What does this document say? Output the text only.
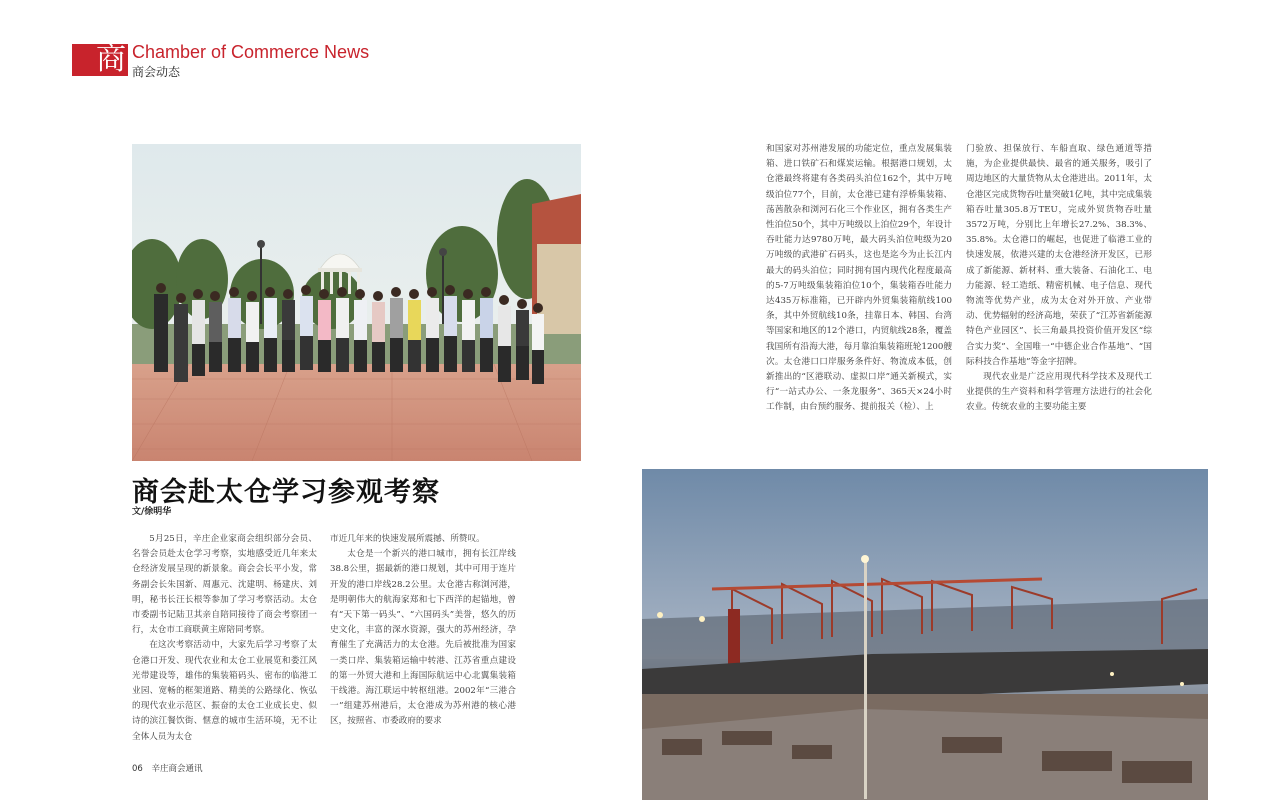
商 Chamber of Commerce News
商会动态
商会赴太仓学习参观考察
文/徐明华

5月25日，辛庄企业家商会组织部分会员、名誉会员赴太仓学习考察，实地感受近几年来太仓经济发展呈现的新景象。商会会长平小发，常务副会长朱国新、周惠元、沈建明、杨建庆、刘明，秘书长汪长根等参加了学习考察活动。太仓市委副书记陆卫其亲自陪同接待了商会考察团一行，太仓市工商联黄主席陪同考察。

在这次考察活动中，大家先后学习考察了太仓港口开发、现代农业和太仓工业展览和娄江风光带建设等，雄伟的集装箱码头、密布的临港工业园、宽畅的框架道路、精美的公路绿化、恢弘的现代农业示范区、振奋的太仓工业成长史、似诗的滨江餐饮街、惬意的城市生活环境，无不让全体人员为太仓

市近几年来的快速发展所震撼、所赞叹。

太仓是一个新兴的港口城市，拥有长江岸线38.8公里，据最新的港口规划，其中可用于连片开发的港口岸线28.2公里。太仓港古称浏河港，是明朝伟大的航海家郑和七下西洋的起锚地，曾有“天下第一码头”、“六国码头”美誉，悠久的历史文化，丰富的深水资源，强大的苏州经济，孕育催生了充满活力的太仓港。先后被批准为国家一类口岸、集装箱运输中转港、江苏省重点建设的第一外贸大港和上海国际航运中心北翼集装箱干线港。海江联运中转枢纽港。2002年“三港合一”组建苏州港后，太仓港成为苏州港的核心港区，按照省、市委政府的要求

和国家对苏州港发展的功能定位，重点发展集装箱、进口铁矿石和煤炭运输。根据港口规划，太仓港最终将建有各类码头泊位162个，其中万吨级泊位77个，目前，太仓港已建有浮桥集装箱、荡茜散杂和浏河石化三个作业区，拥有各类生产性泊位50个，其中万吨级以上泊位29个，年设计吞吐能力达9780万吨，最大码头泊位吨级为20万吨级的武港矿石码头，这也是迄今为止长江内最大的码头泊位；同时拥有国内现代化程度最高的5-7万吨级集装箱泊位10个，集装箱吞吐能力达435万标准箱，已开辟内外贸集装箱航线100条，其中外贸航线10条，挂靠日本、韩国、台湾等国家和地区的12个港口，内贸航线28条，覆盖我国所有沿海大港，每月靠泊集装箱班轮1200艘次。太仓港口口岸服务条件好、物流成本低，创新推出的“区港联动、虚拟口岸”通关新模式，实行“一站式办公、一条龙服务”、365天×24小时工作制，由台预约服务、提前报关（检）、上

门验放、担保放行、车船直取、绿色通道等措施，为企业提供最快、最省的通关服务，吸引了周边地区的大量货物从太仓港进出。2011年，太仓港区完成货物吞吐量突破1亿吨，其中完成集装箱吞吐量305.8万TEU，完成外贸货物吞吐量3572万吨，分别比上年增长27.2%、38.3%、35.8%。太仓港口的崛起，也促进了临港工业的快速发展，依港兴建的太仓港经济开发区，已形成了新能源、新材料、重大装备、石油化工、电力能源、轻工造纸、精密机械、电子信息、现代物流等优势产业，成为太仓对外开放、产业带动、优势辐射的经济高地，荣获了“江苏省新能源特色产业园区”、长三角最具投资价值开发区“综合实力奖”、全国唯一“中德企业合作基地”、“国际科技合作基地”等金字招牌。

现代农业是广泛应用现代科学技术及现代工业提供的生产资料和科学管理方法进行的社会化农业。传统农业的主要功能主要

06 辛庄商会通讯
